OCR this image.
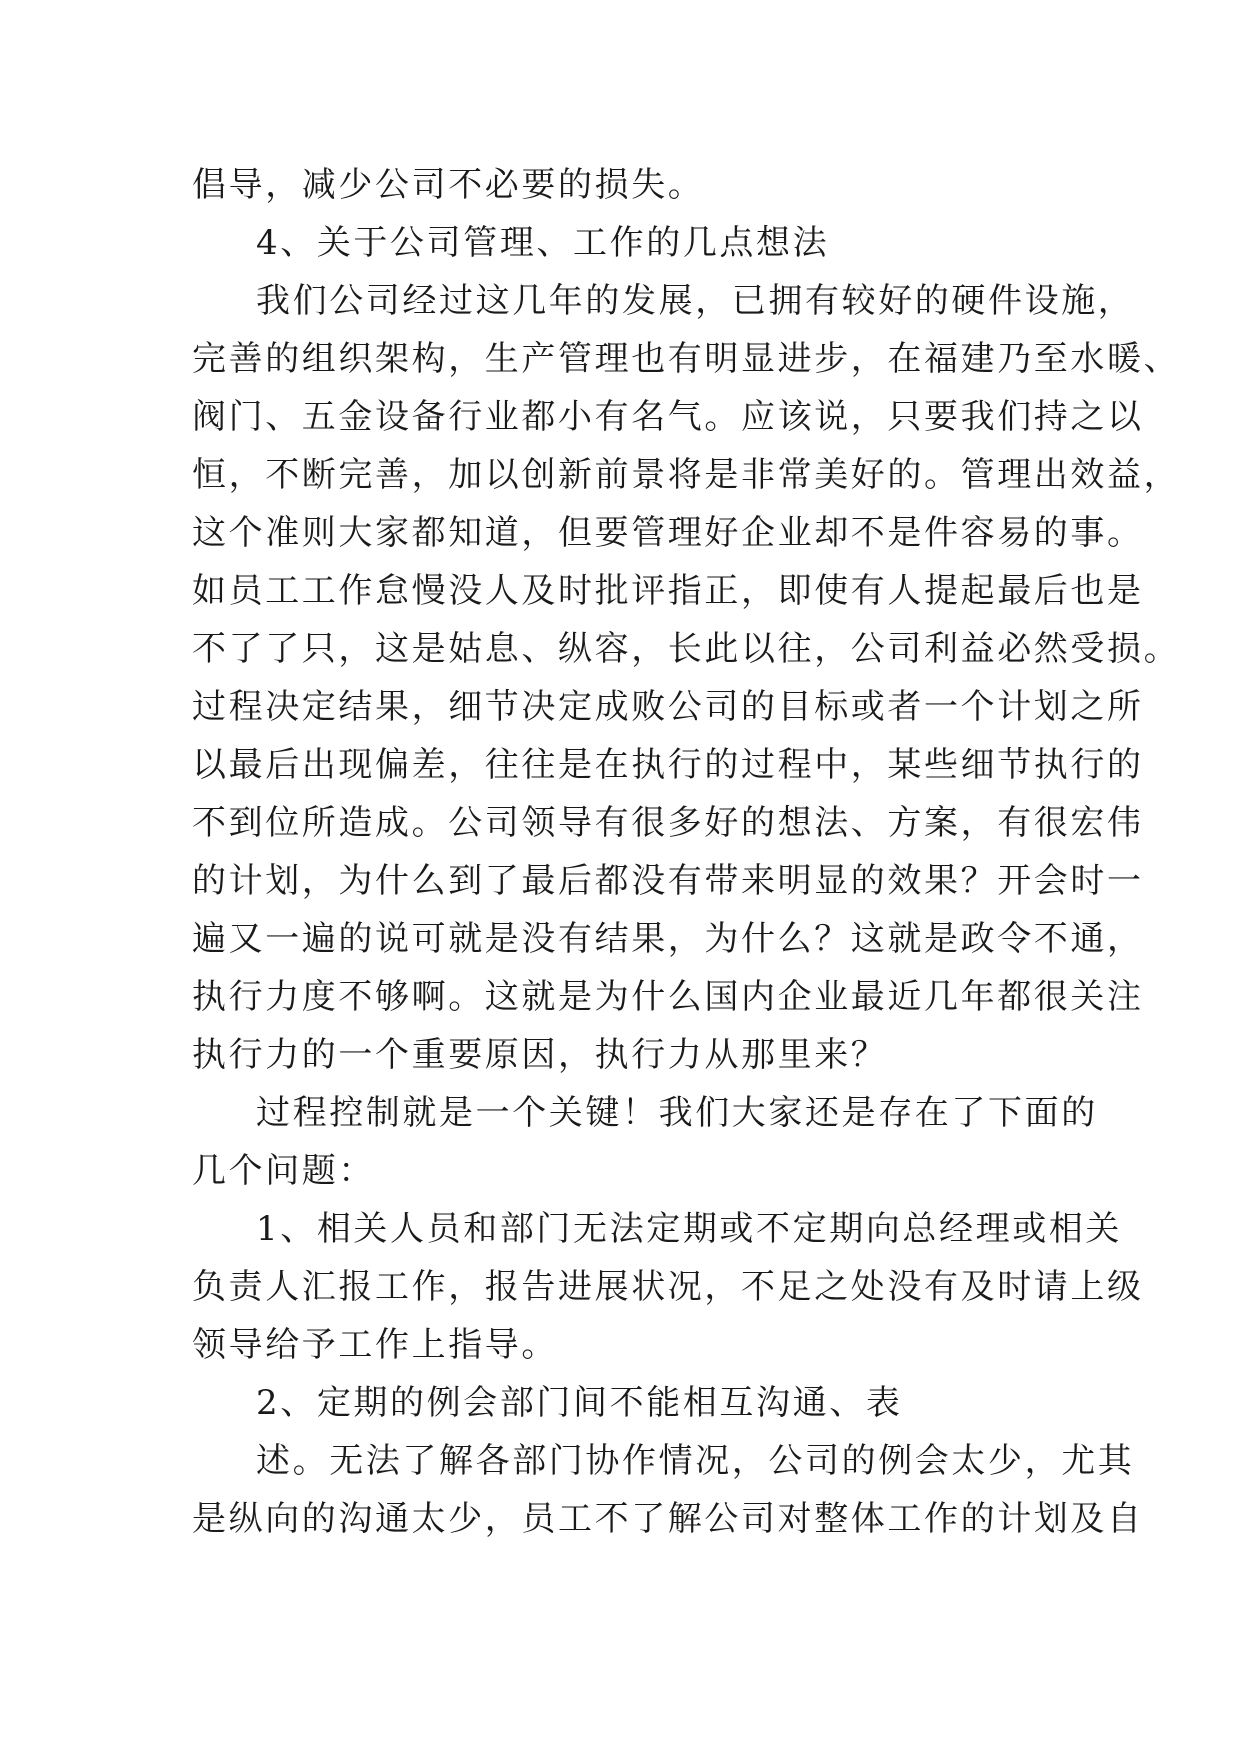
倡导，减少公司不必要的损失。
4、关于公司管理、工作的几点想法
我们公司经过这几年的发展，已拥有较好的硬件设施，
完善的组织架构，生产管理也有明显进步，在福建乃至水暖、
阀门、五金设备行业都小有名气。应该说，只要我们持之以
恒，不断完善，加以创新前景将是非常美好的。管理出效益，
这个准则大家都知道，但要管理好企业却不是件容易的事。
如员工工作怠慢没人及时批评指正，即使有人提起最后也是
不了了只，这是姑息、纵容，长此以往，公司利益必然受损。
过程决定结果，细节决定成败公司的目标或者一个计划之所
以最后出现偏差，往往是在执行的过程中，某些细节执行的
不到位所造成。公司领导有很多好的想法、方案，有很宏伟
的计划，为什么到了最后都没有带来明显的效果？开会时一
遍又一遍的说可就是没有结果，为什么？这就是政令不通，
执行力度不够啊。这就是为什么国内企业最近几年都很关注
执行力的一个重要原因，执行力从那里来？
过程控制就是一个关键！我们大家还是存在了下面的
几个问题：
1、相关人员和部门无法定期或不定期向总经理或相关
负责人汇报工作，报告进展状况，不足之处没有及时请上级
领导给予工作上指导。
2、定期的例会部门间不能相互沟通、表
述。无法了解各部门协作情况，公司的例会太少，尤其
是纵向的沟通太少，员工不了解公司对整体工作的计划及自
